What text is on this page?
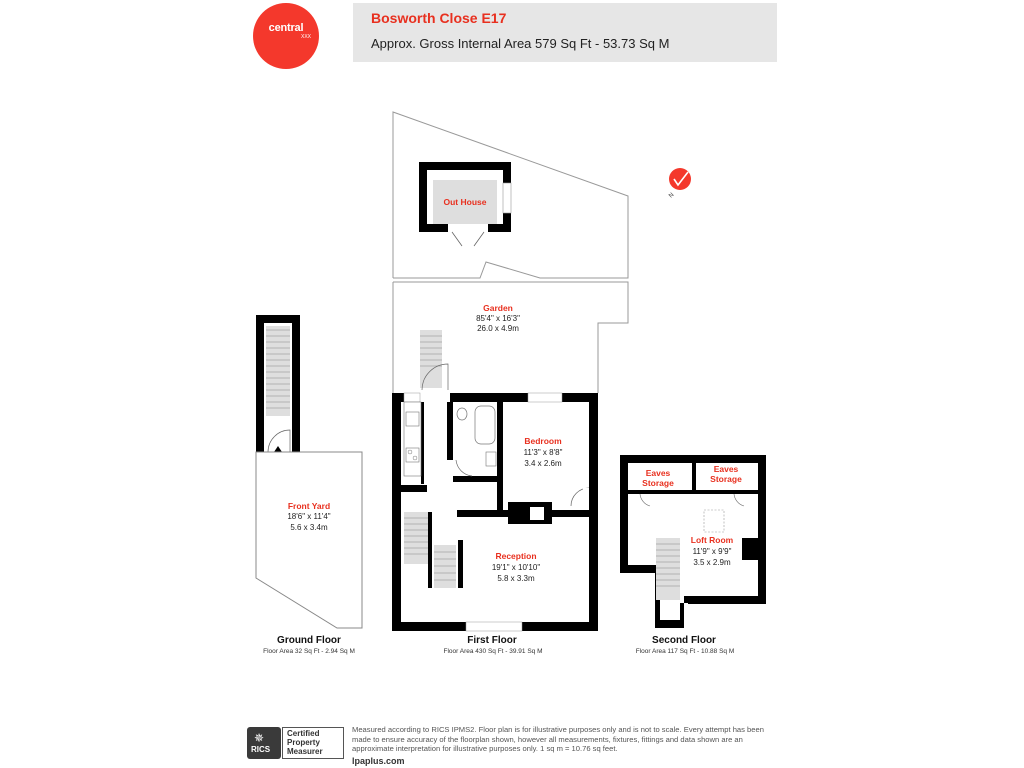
central
XXX
Bosworth Close E17
Approx. Gross Internal Area 579 Sq Ft - 53.73 Sq M
Out House
Garden
85'4" x 16'3"
26.0 x 4.9m
Front Yard
18'6" x 11'4"
5.6 x 3.4m
Bedroom
11'3" x 8'8"
3.4 x 2.6m
Reception
19'1" x 10'10"
5.8 x 3.3m
Eaves
Storage
Eaves
Storage
Loft Room
11'9" x 9'9"
3.5 x 2.9m
N
Ground Floor
Floor Area 32 Sq Ft - 2.94 Sq M
First Floor
Floor Area 430 Sq Ft - 39.91 Sq M
Second Floor
Floor Area 117 Sq Ft - 10.88 Sq M
✵
RICS
Certified
Property
Measurer
Measured according to RICS IPMS2. Floor plan is for illustrative purposes only and is not to scale. Every attempt has been made to ensure accuracy of the floorplan shown, however all measurements, fixtures, fittings and data shown are an approximate interpretation for illustrative purposes only. 1 sq m = 10.76 sq feet.
lpaplus.com
